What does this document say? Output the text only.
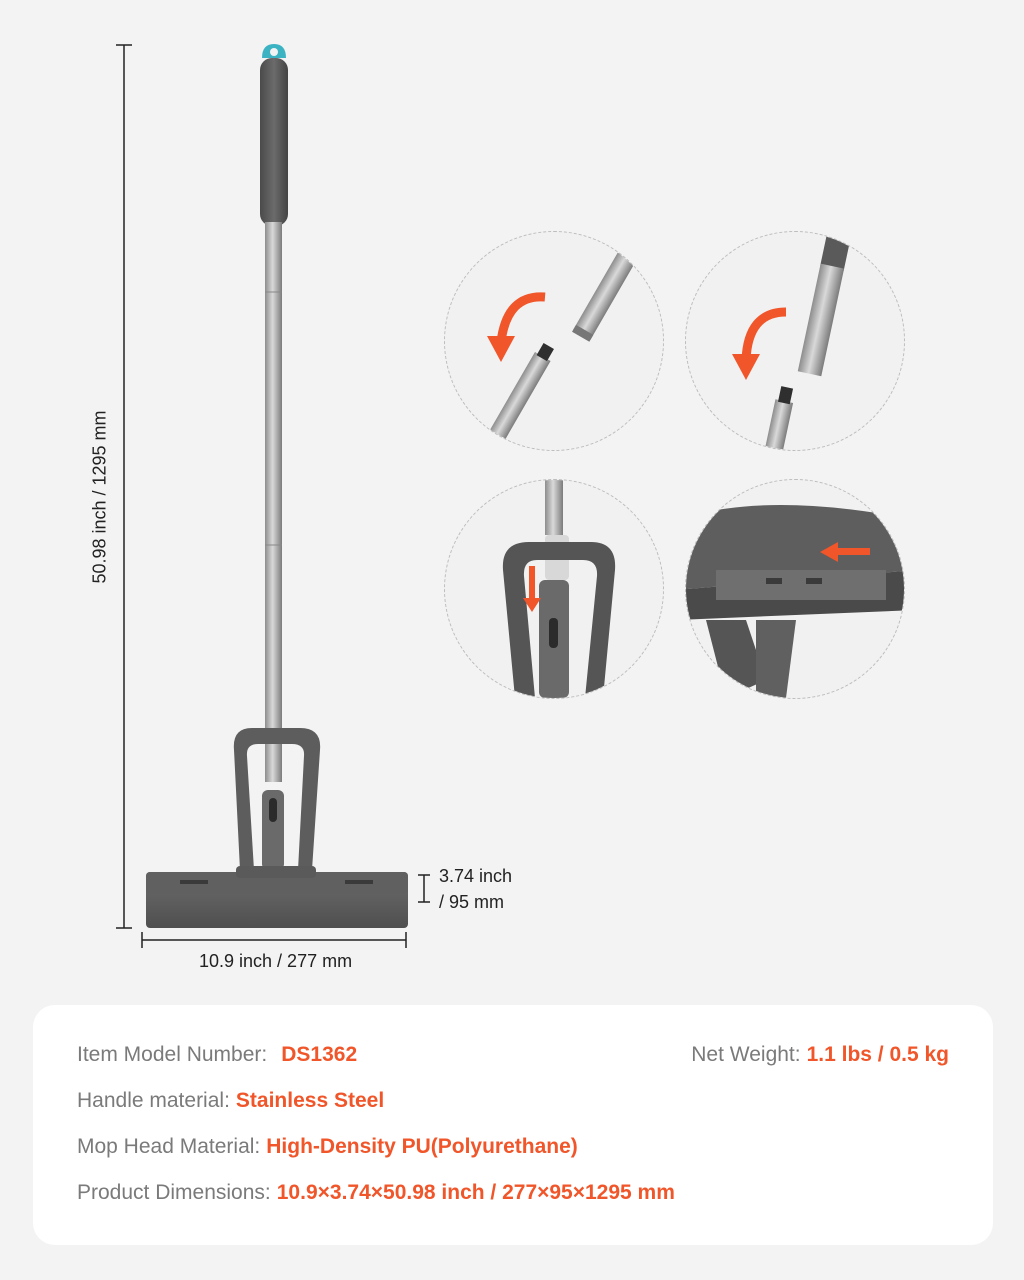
50.98 inch / 1295 mm
3.74 inch
/ 95 mm
10.9 inch / 277 mm
Item Model Number: DS1362	Net Weight: 1.1 lbs / 0.5 kg
Handle material: Stainless Steel
Mop Head Material: High-Density PU(Polyurethane)
Product Dimensions: 10.9×3.74×50.98 inch / 277×95×1295 mm
